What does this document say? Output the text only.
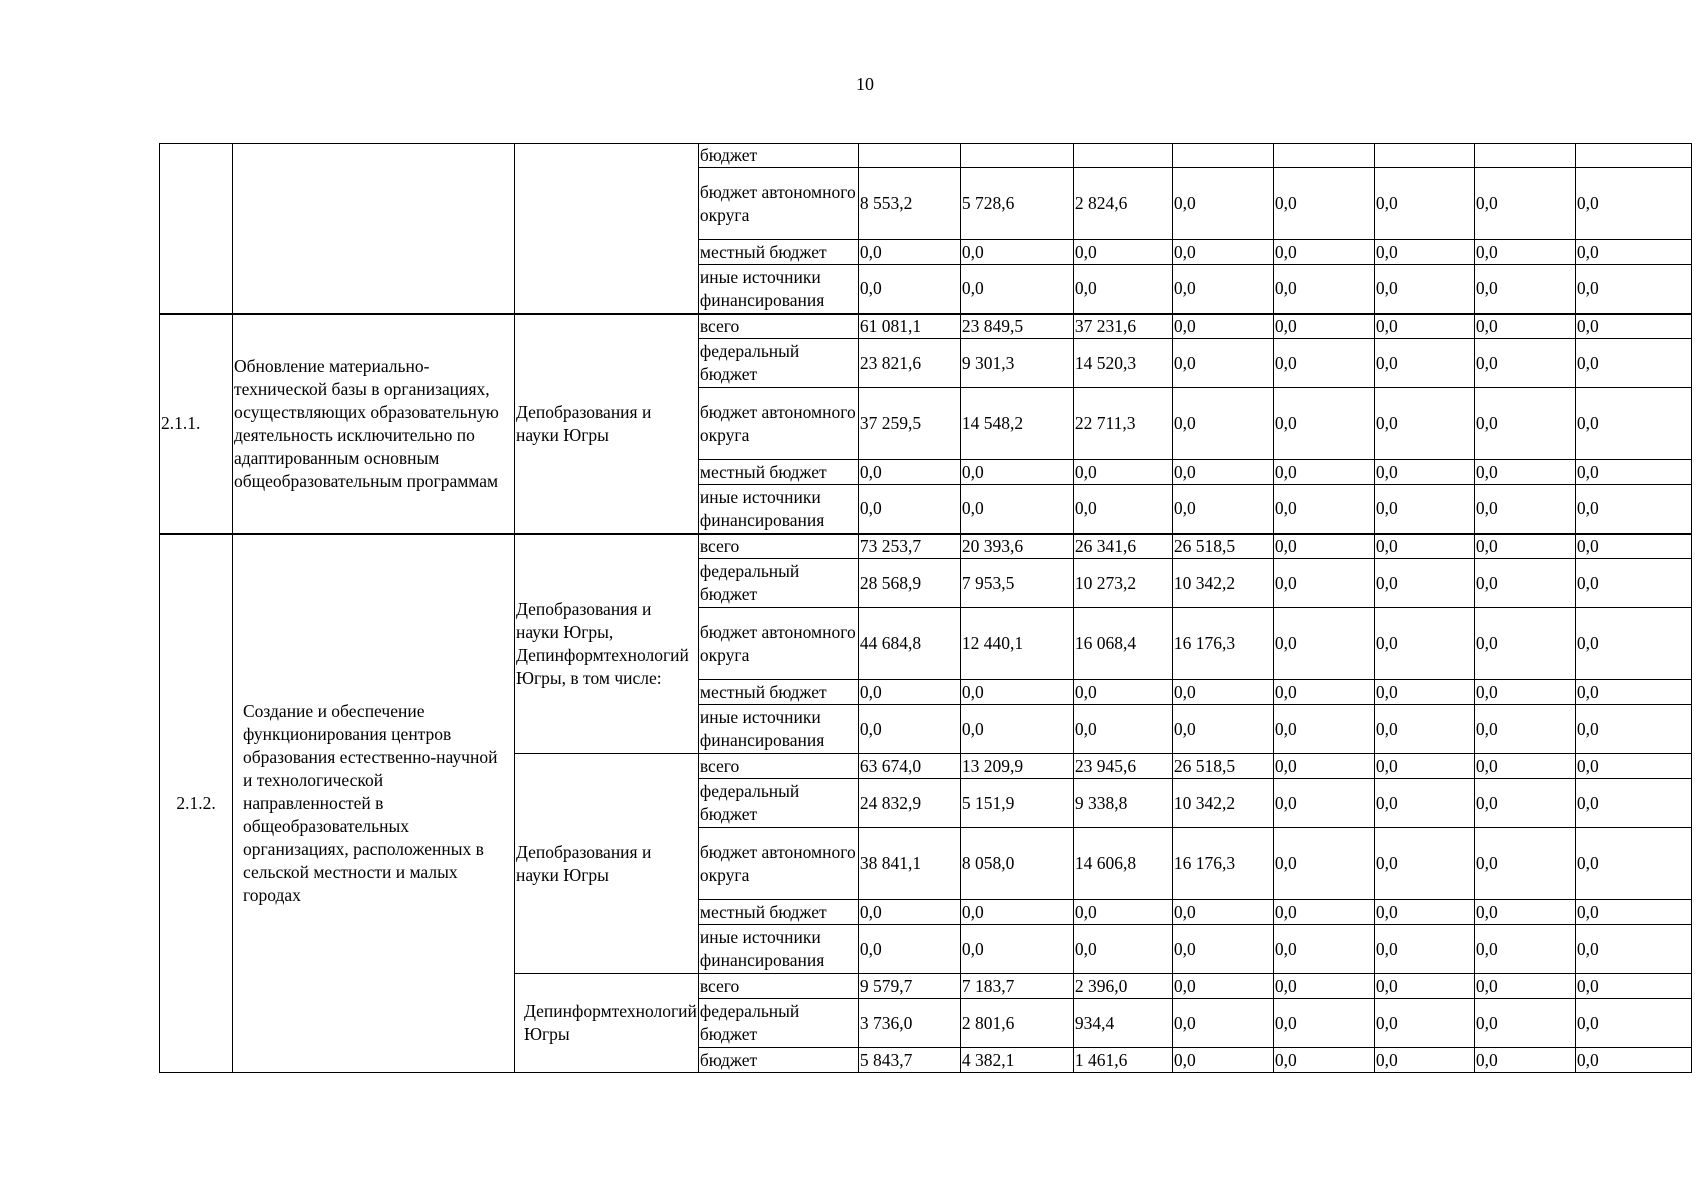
10
			бюджет								
			бюджет автономного округа	8 553,2	5 728,6	2 824,6	0,0	0,0	0,0	0,0	0,0
			местный бюджет	0,0	0,0	0,0	0,0	0,0	0,0	0,0	0,0
			иные источники финансирования	0,0	0,0	0,0	0,0	0,0	0,0	0,0	0,0
2.1.1.	Обновление материально-технической базы в организациях, осуществляющих образовательную деятельность исключительно по адаптированным основным общеобразовательным программам	Депобразования и науки Югры	всего	61 081,1	23 849,5	37 231,6	0,0	0,0	0,0	0,0	0,0
			федеральный бюджет	23 821,6	9 301,3	14 520,3	0,0	0,0	0,0	0,0	0,0
			бюджет автономного округа	37 259,5	14 548,2	22 711,3	0,0	0,0	0,0	0,0	0,0
			местный бюджет	0,0	0,0	0,0	0,0	0,0	0,0	0,0	0,0
			иные источники финансирования	0,0	0,0	0,0	0,0	0,0	0,0	0,0	0,0
2.1.2.	Создание и обеспечение функционирования центров образования естественно-научной и технологической направленностей в общеобразовательных организациях, расположенных в сельской местности и малых городах	Депобразования и науки Югры, Депинформтехнологий Югры, в том числе:	всего	73 253,7	20 393,6	26 341,6	26 518,5	0,0	0,0	0,0	0,0
			федеральный бюджет	28 568,9	7 953,5	10 273,2	10 342,2	0,0	0,0	0,0	0,0
			бюджет автономного округа	44 684,8	12 440,1	16 068,4	16 176,3	0,0	0,0	0,0	0,0
			местный бюджет	0,0	0,0	0,0	0,0	0,0	0,0	0,0	0,0
			иные источники финансирования	0,0	0,0	0,0	0,0	0,0	0,0	0,0	0,0
		Депобразования и науки Югры	всего	63 674,0	13 209,9	23 945,6	26 518,5	0,0	0,0	0,0	0,0
			федеральный бюджет	24 832,9	5 151,9	9 338,8	10 342,2	0,0	0,0	0,0	0,0
			бюджет автономного округа	38 841,1	8 058,0	14 606,8	16 176,3	0,0	0,0	0,0	0,0
			местный бюджет	0,0	0,0	0,0	0,0	0,0	0,0	0,0	0,0
			иные источники финансирования	0,0	0,0	0,0	0,0	0,0	0,0	0,0	0,0
		Депинформтехнологий Югры	всего	9 579,7	7 183,7	2 396,0	0,0	0,0	0,0	0,0	0,0
			федеральный бюджет	3 736,0	2 801,6	934,4	0,0	0,0	0,0	0,0	0,0
			бюджет	5 843,7	4 382,1	1 461,6	0,0	0,0	0,0	0,0	0,0
